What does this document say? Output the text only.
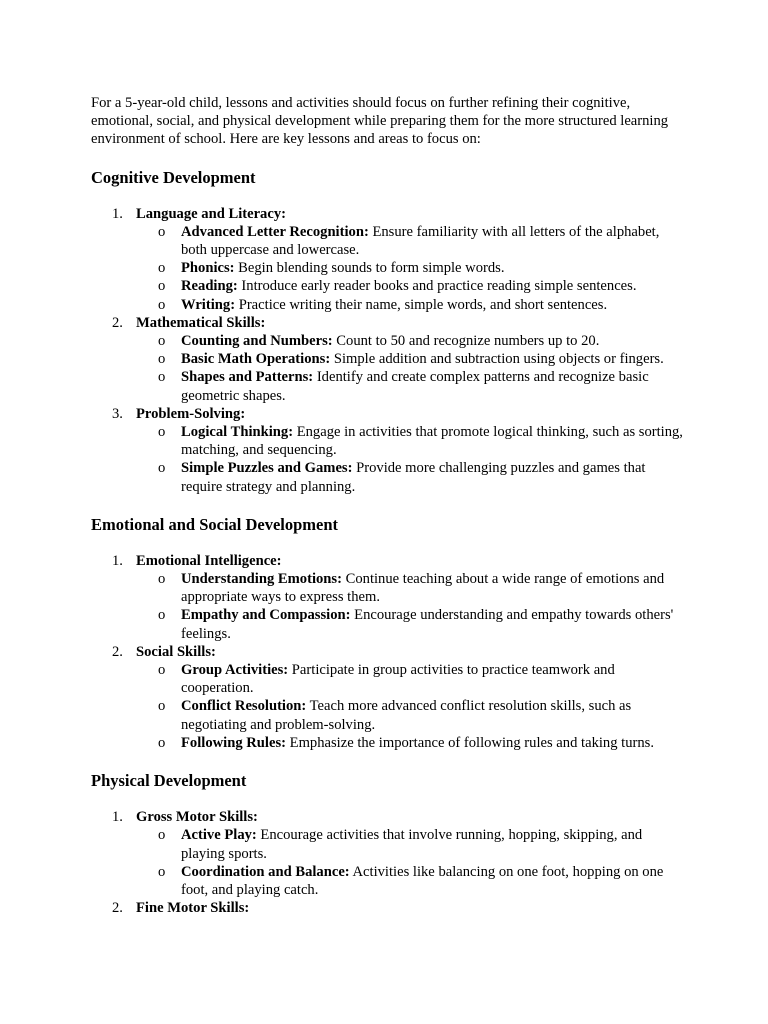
For a 5-year-old child, lessons and activities should focus on further refining their cognitive, emotional, social, and physical development while preparing them for the more structured learning environment of school. Here are key lessons and areas to focus on:

Cognitive Development
1. Language and Literacy:
o Advanced Letter Recognition: Ensure familiarity with all letters of the alphabet, both uppercase and lowercase.
o Phonics: Begin blending sounds to form simple words.
o Reading: Introduce early reader books and practice reading simple sentences.
o Writing: Practice writing their name, simple words, and short sentences.
2. Mathematical Skills:
o Counting and Numbers: Count to 50 and recognize numbers up to 20.
o Basic Math Operations: Simple addition and subtraction using objects or fingers.
o Shapes and Patterns: Identify and create complex patterns and recognize basic geometric shapes.
3. Problem-Solving:
o Logical Thinking: Engage in activities that promote logical thinking, such as sorting, matching, and sequencing.
o Simple Puzzles and Games: Provide more challenging puzzles and games that require strategy and planning.
Emotional and Social Development
1. Emotional Intelligence:
o Understanding Emotions: Continue teaching about a wide range of emotions and appropriate ways to express them.
o Empathy and Compassion: Encourage understanding and empathy towards others' feelings.
2. Social Skills:
o Group Activities: Participate in group activities to practice teamwork and cooperation.
o Conflict Resolution: Teach more advanced conflict resolution skills, such as negotiating and problem-solving.
o Following Rules: Emphasize the importance of following rules and taking turns.
Physical Development
1. Gross Motor Skills:
o Active Play: Encourage activities that involve running, hopping, skipping, and playing sports.
o Coordination and Balance: Activities like balancing on one foot, hopping on one foot, and playing catch.
2. Fine Motor Skills:
